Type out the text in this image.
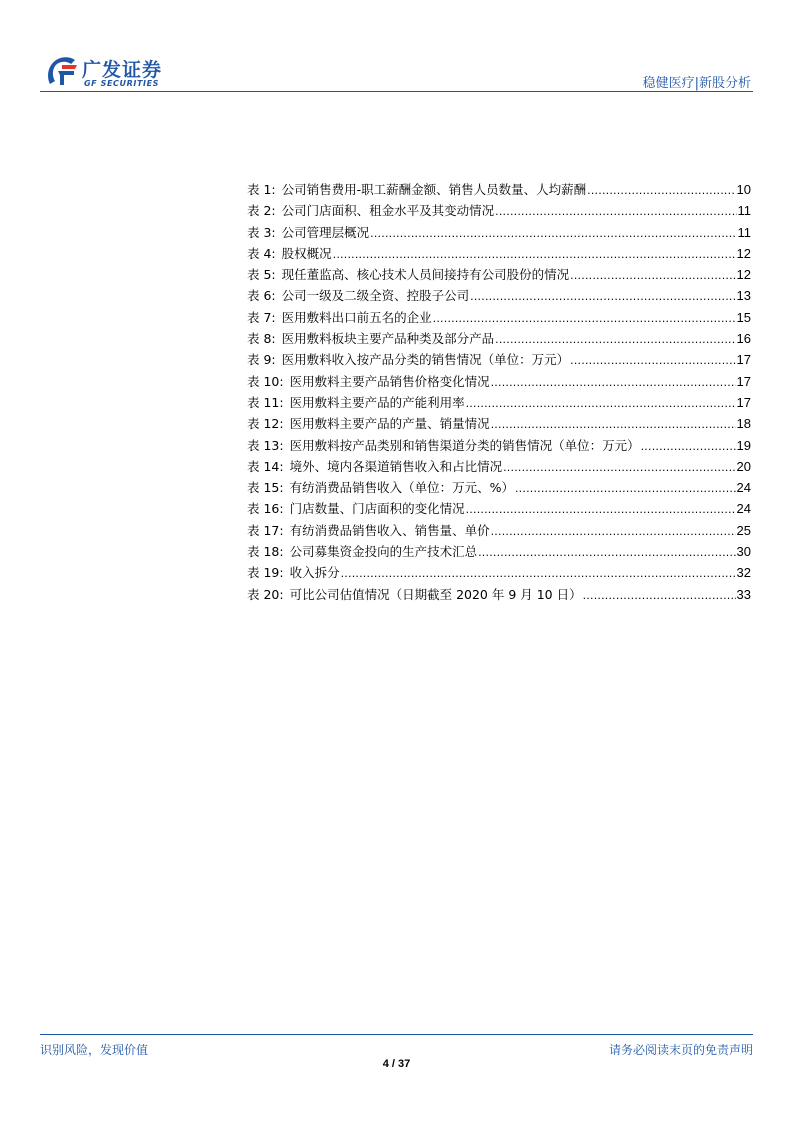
广发证券
GF SECURITIES	稳健医疗|新股分析
表 1: 公司销售费用-职工薪酬金额、销售人员数量、人均薪酬 .....	10
表 2: 公司门店面积、租金水平及其变动情况 .....	11
表 3: 公司管理层概况 .....	11
表 4: 股权概况 .....	12
表 5: 现任董监高、核心技术人员间接持有公司股份的情况 .....	12
表 6: 公司一级及二级全资、控股子公司 .....	13
表 7: 医用敷料出口前五名的企业 .....	15
表 8: 医用敷料板块主要产品种类及部分产品 .....	16
表 9: 医用敷料收入按产品分类的销售情况（单位：万元） .....	17
表 10: 医用敷料主要产品销售价格变化情况 .....	17
表 11: 医用敷料主要产品的产能利用率 .....	17
表 12: 医用敷料主要产品的产量、销量情况 .....	18
表 13: 医用敷料按产品类别和销售渠道分类的销售情况（单位：万元） .....	19
表 14: 境外、境内各渠道销售收入和占比情况 .....	20
表 15: 有纺消费品销售收入（单位：万元、%） .....	24
表 16: 门店数量、门店面积的变化情况 .....	24
表 17: 有纺消费品销售收入、销售量、单价 .....	25
表 18: 公司募集资金投向的生产技术汇总 .....	30
表 19: 收入拆分 .....	32
表 20: 可比公司估值情况（日期截至 2020 年 9 月 10 日） .....	33
识别风险，发现价值	请务必阅读末页的免责声明
4 / 37
